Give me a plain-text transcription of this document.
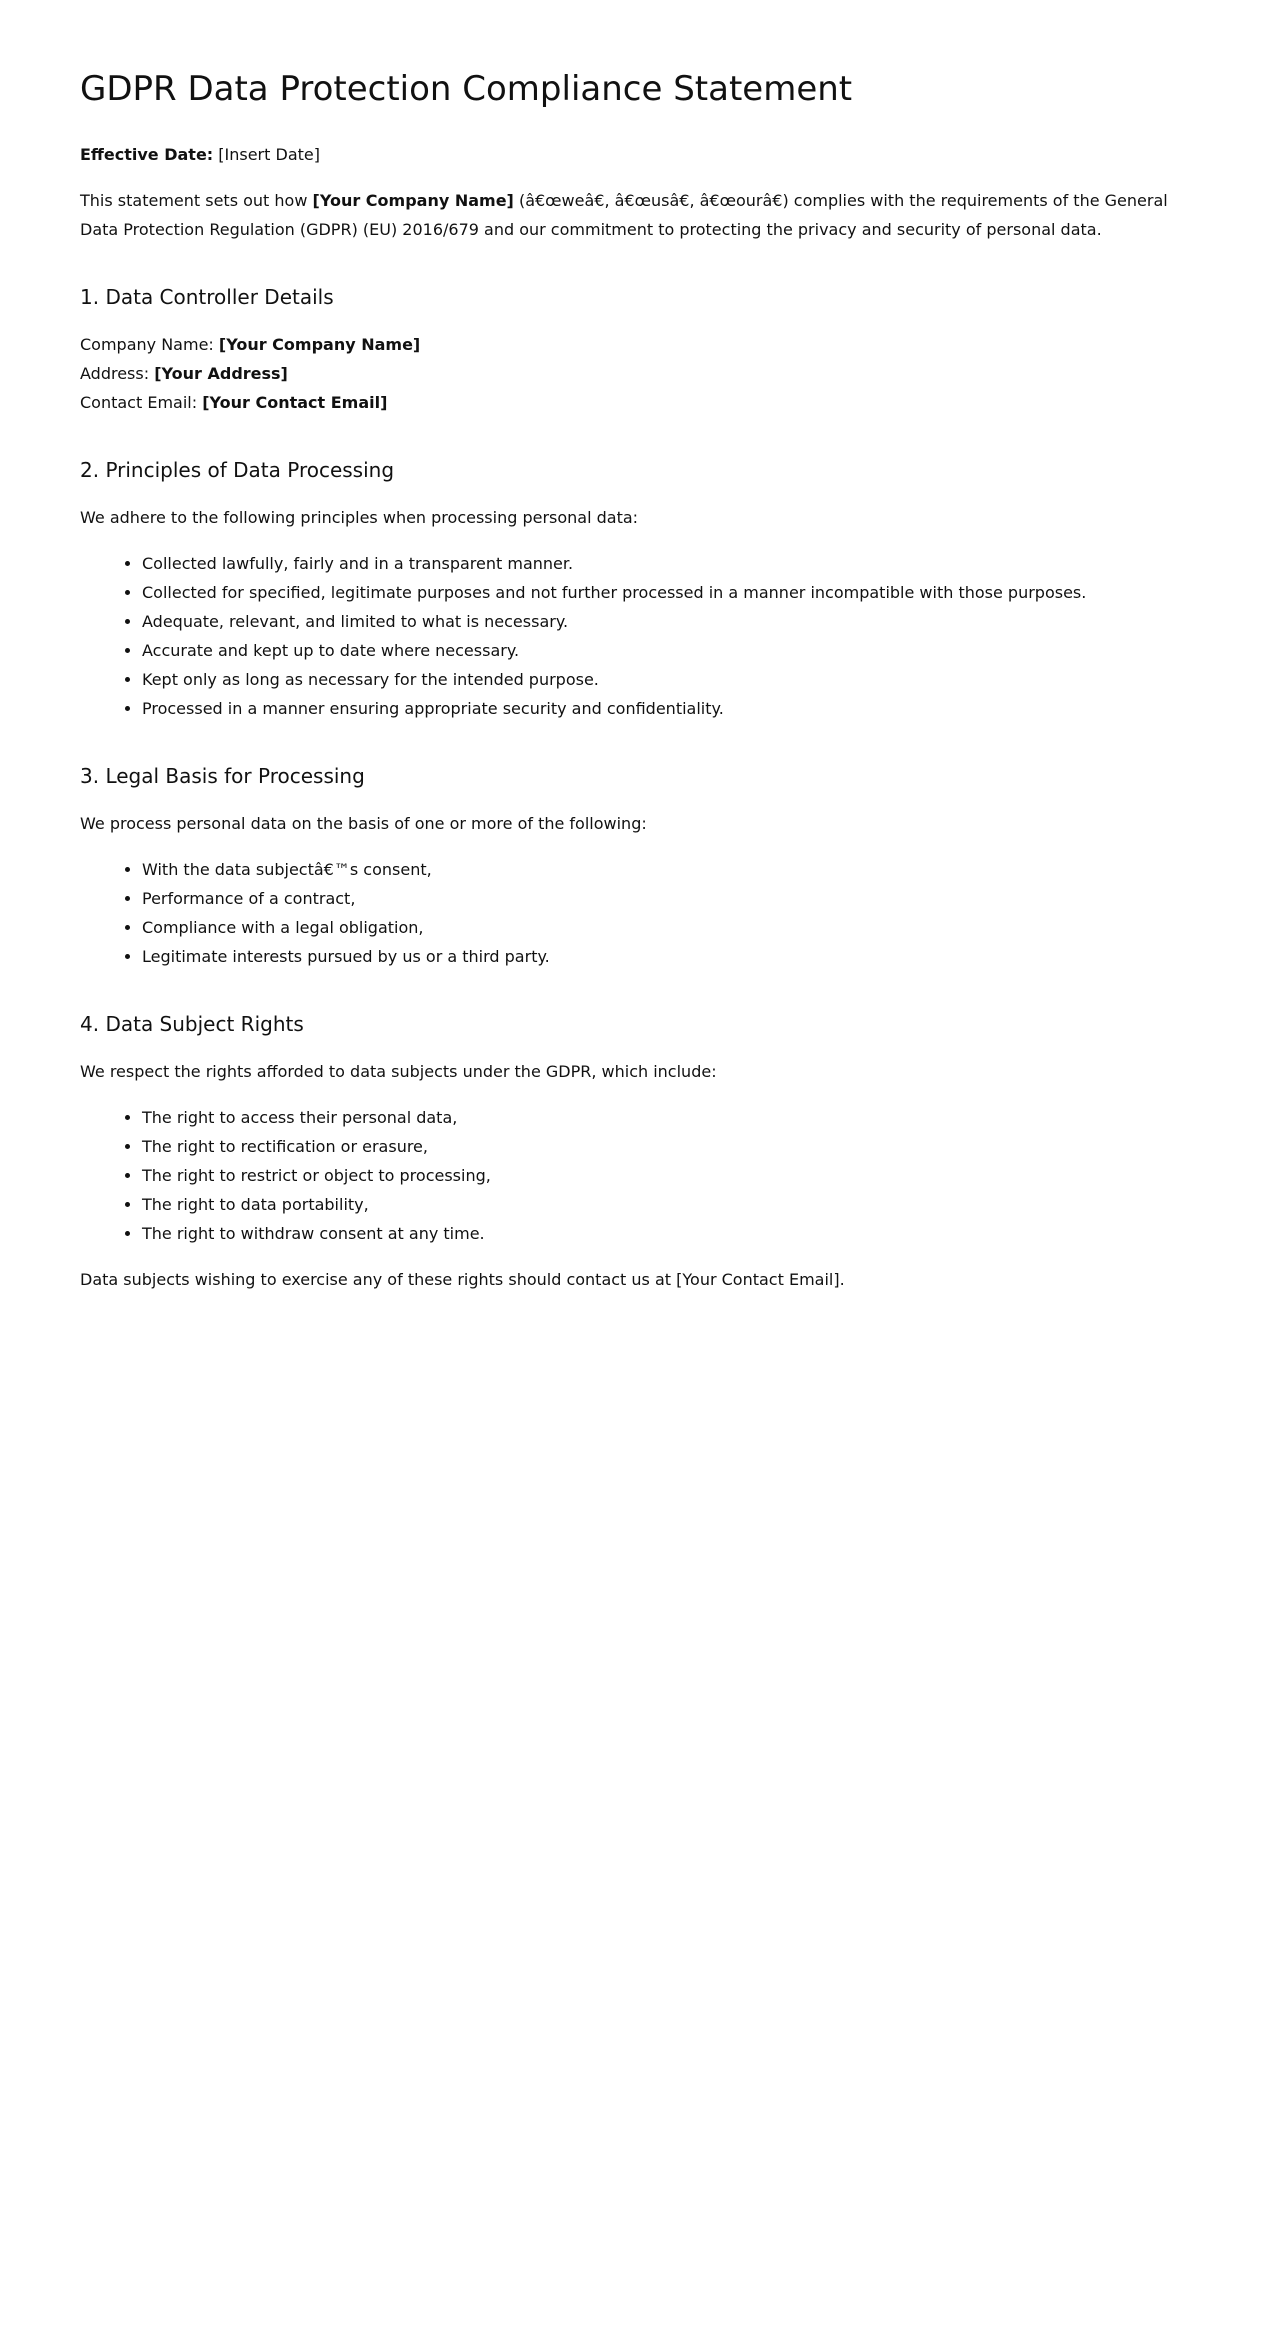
GDPR Data Protection Compliance Statement

Effective Date: [Insert Date]

This statement sets out how [Your Company Name] (â€œweâ€, â€œusâ€, â€œourâ€) complies with the requirements of the General Data Protection Regulation (GDPR) (EU) 2016/679 and our commitment to protecting the privacy and security of personal data.

1. Data Controller Details
Company Name: [Your Company Name]
Address: [Your Address]
Contact Email: [Your Contact Email]
2. Principles of Data Processing

We adhere to the following principles when processing personal data:

• Collected lawfully, fairly and in a transparent manner.
• Collected for specified, legitimate purposes and not further processed in a manner incompatible with those purposes.
• Adequate, relevant, and limited to what is necessary.
• Accurate and kept up to date where necessary.
• Kept only as long as necessary for the intended purpose.
• Processed in a manner ensuring appropriate security and confidentiality.
3. Legal Basis for Processing

We process personal data on the basis of one or more of the following:

• With the data subjectâ€™s consent,
• Performance of a contract,
• Compliance with a legal obligation,
• Legitimate interests pursued by us or a third party.
4. Data Subject Rights

We respect the rights afforded to data subjects under the GDPR, which include:

• The right to access their personal data,
• The right to rectification or erasure,
• The right to restrict or object to processing,
• The right to data portability,
• The right to withdraw consent at any time.

Data subjects wishing to exercise any of these rights should contact us at [Your Contact Email].
